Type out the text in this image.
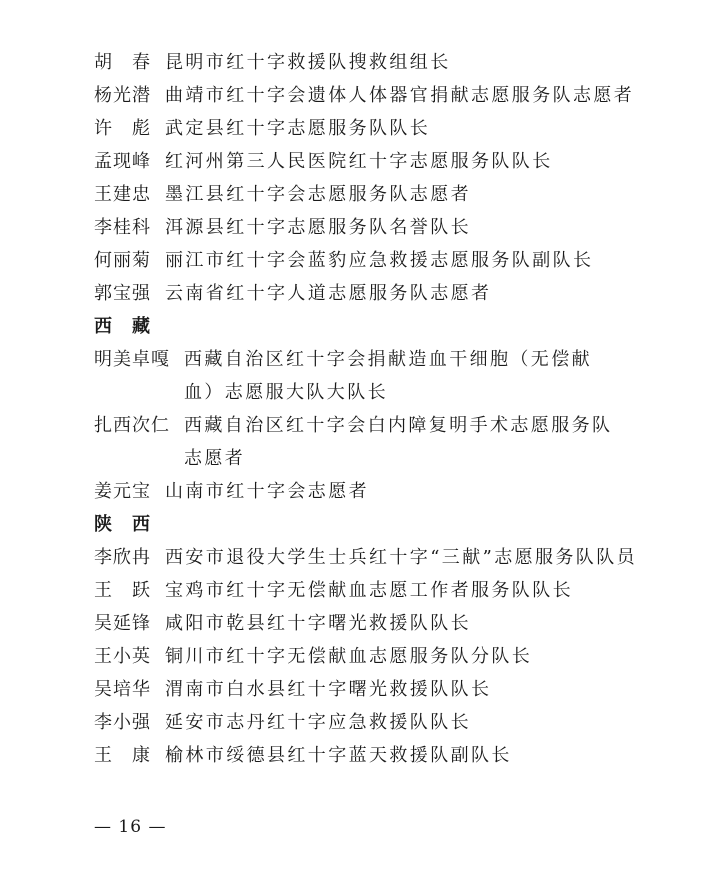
胡　春 昆明市红十字救援队搜救组组长
杨光潜 曲靖市红十字会遗体人体器官捐献志愿服务队志愿者
许　彪 武定县红十字志愿服务队队长
孟现峰 红河州第三人民医院红十字志愿服务队队长
王建忠 墨江县红十字会志愿服务队志愿者
李桂科 洱源县红十字志愿服务队名誉队长
何丽菊 丽江市红十字会蓝豹应急救援志愿服务队副队长
郭宝强 云南省红十字人道志愿服务队志愿者
西　藏
明美卓嘎 西藏自治区红十字会捐献造血干细胞（无偿献血）志愿服大队大队长
扎西次仁 西藏自治区红十字会白内障复明手术志愿服务队志愿者
姜元宝 山南市红十字会志愿者
陕　西
李欣冉 西安市退役大学生士兵红十字“三献”志愿服务队队员
王　跃 宝鸡市红十字无偿献血志愿工作者服务队队长
吴延锋 咸阳市乾县红十字曙光救援队队长
王小英 铜川市红十字无偿献血志愿服务队分队长
吴培华 渭南市白水县红十字曙光救援队队长
李小强 延安市志丹红十字应急救援队队长
王　康 榆林市绥德县红十字蓝天救援队副队长
— 16 —
